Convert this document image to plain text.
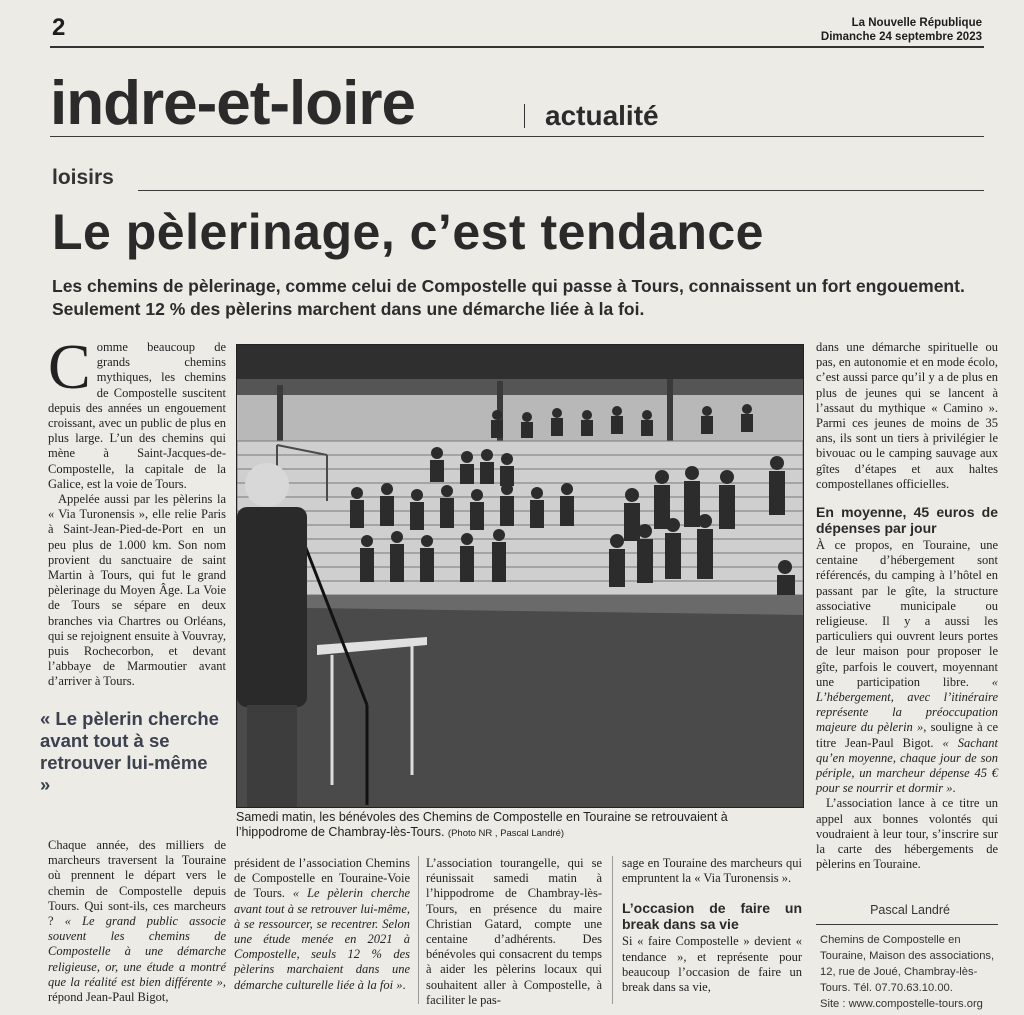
2	La Nouvelle République
Dimanche 24 septembre 2023
indre-et-loire	actualité
loisirs
Le pèlerinage, c’est tendance
Les chemins de pèlerinage, comme celui de Compostelle qui passe à Tours, connaissent un fort engouement. Seulement 12 % des pèlerins marchent dans une démarche liée à la foi.

Comme beaucoup de grands chemins mythiques, les chemins de Compostelle suscitent depuis des années un engouement croissant, avec un public de plus en plus large. L’un des chemins qui mène à Saint-Jacques-de-Compostelle, la capitale de la Galice, est la voie de Tours.

Appelée aussi par les pèlerins la « Via Turonensis », elle relie Paris à Saint-Jean-Pied-de-Port en un peu plus de 1.000 km. Son nom provient du sanctuaire de saint Martin à Tours, qui fut le grand pèlerinage du Moyen Âge. La Voie de Tours se sépare en deux branches via Chartres ou Orléans, qui se rejoignent ensuite à Vouvray, puis Rochecorbon, et devant l’abbaye de Marmoutier avant d’arriver à Tours.

« Le pèlerin cherche avant tout à se retrouver lui-même »

Chaque année, des milliers de marcheurs traversent la Touraine où prennent le départ vers le chemin de Compostelle depuis Tours. Qui sont-ils, ces marcheurs ? « Le grand public associe souvent les chemins de Compostelle à une démarche religieuse, or, une étude a montré que la réalité est bien différente », répond Jean-Paul Bigot,

Samedi matin, les bénévoles des Chemins de Compostelle en Touraine se retrouvaient à l’hippodrome de Chambray-lès-Tours. (Photo NR , Pascal Landré)

président de l’association Chemins de Compostelle en Touraine-Voie de Tours. « Le pèlerin cherche avant tout à se retrouver lui-même, à se ressourcer, se recentrer. Selon une étude menée en 2021 à Compostelle, seuls 12 % des pèlerins marchaient dans une démarche culturelle liée à la foi ».

L’association tourangelle, qui se réunissait samedi matin à l’hippodrome de Chambray-lès-Tours, en présence du maire Christian Gatard, compte une centaine d’adhérents. Des bénévoles qui consacrent du temps à aider les pèlerins locaux qui souhaitent aller à Compostelle, à faciliter le pas-

sage en Touraine des marcheurs qui empruntent la « Via Turonensis ».

L’occasion de faire un break dans sa vie

Si « faire Compostelle » devient « tendance », et représente pour beaucoup l’occasion de faire un break dans sa vie,

dans une démarche spirituelle ou pas, en autonomie et en mode écolo, c’est aussi parce qu’il y a de plus en plus de jeunes qui se lancent à l’assaut du mythique « Camino ». Parmi ces jeunes de moins de 35 ans, ils sont un tiers à privilégier le bivouac ou le camping sauvage aux gîtes d’étapes et aux haltes compostellanes officielles.

En moyenne, 45 euros de dépenses par jour

À ce propos, en Touraine, une centaine d’hébergement sont référencés, du camping à l’hôtel en passant par le gîte, la structure associative municipale ou religieuse. Il y a aussi les particuliers qui ouvrent leurs portes de leur maison pour proposer le gîte, parfois le couvert, moyennant une participation libre. « L’hébergement, avec l’itinéraire représente la préoccupation majeure du pèlerin », souligne à ce titre Jean-Paul Bigot. « Sachant qu’en moyenne, chaque jour de son périple, un marcheur dépense 45 € pour se nourrir et dormir ».

L’association lance à ce titre un appel aux bonnes volontés qui voudraient à leur tour, s’inscrire sur la carte des hébergements de pèlerins en Touraine.

Pascal Landré
Chemins de Compostelle en Touraine, Maison des associations, 12, rue de Joué, Chambray-lès-Tours. Tél. 07.70.63.10.00.
Site : www.compostelle-tours.org
